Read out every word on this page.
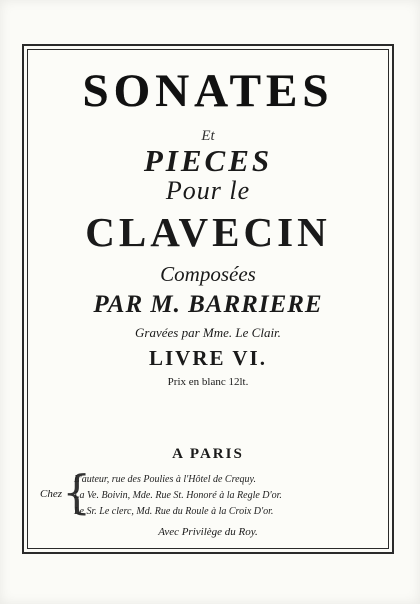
SONATES
Et
PIECES
Pour le
CLAVECIN
Composées
PAR M. BARRIERE
Gravées par Mme. Le Clair.
LIVRE VI.
Prix en blanc 12lt.
A PARIS
Chez {
L'auteur, rue des Poulies à l'Hôtel de Crequy.
La Ve. Boivin, Mde. Rue St. Honoré à la Regle D'or.
Le Sr. Le clerc, Md. Rue du Roule à la Croix D'or.
Avec Privilège du Roy.
